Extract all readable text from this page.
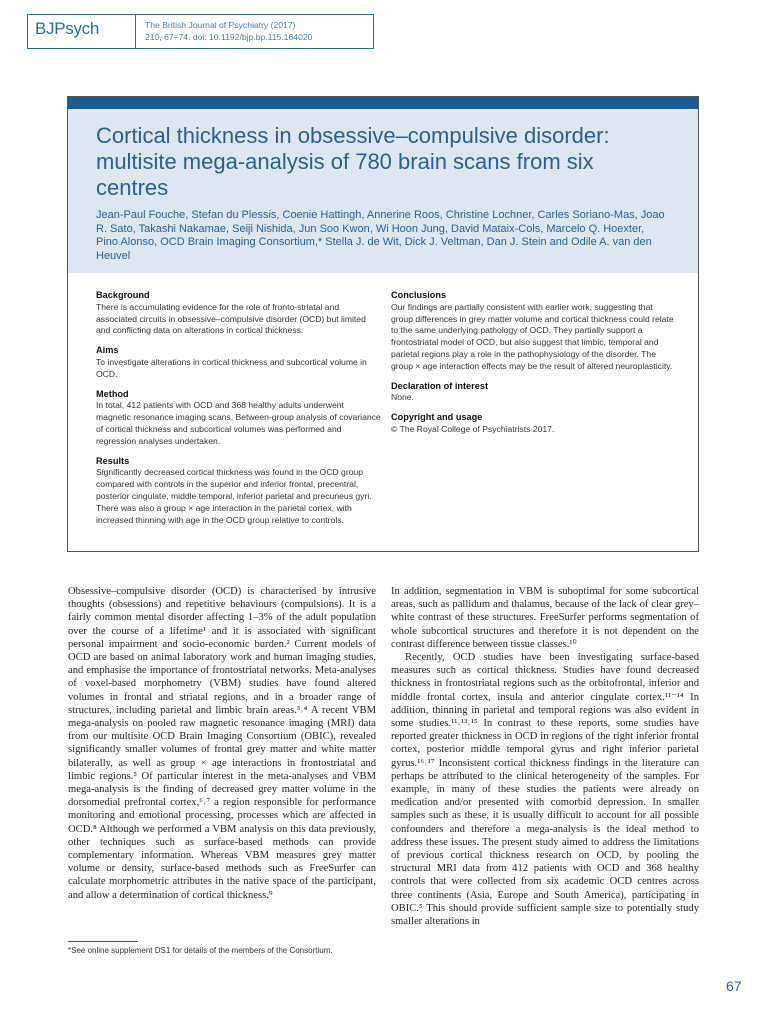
BJPsych	The British Journal of Psychiatry (2017)
210, 67–74. doi: 10.1192/bjp.bp.115.164020
Cortical thickness in obsessive–compulsive disorder: multisite mega-analysis of 780 brain scans from six centres
Jean-Paul Fouche, Stefan du Plessis, Coenie Hattingh, Annerine Roos, Christine Lochner, Carles Soriano-Mas, Joao R. Sato, Takashi Nakamae, Seiji Nishida, Jun Soo Kwon, Wi Hoon Jung, David Mataix-Cols, Marcelo Q. Hoexter, Pino Alonso, OCD Brain Imaging Consortium,* Stella J. de Wit, Dick J. Veltman, Dan J. Stein and Odile A. van den Heuvel
Background
There is accumulating evidence for the role of fronto-striatal and associated circuits in obsessive–compulsive disorder (OCD) but limited and conflicting data on alterations in cortical thickness.
Aims
To investigate alterations in cortical thickness and subcortical volume in OCD.
Method
In total, 412 patients with OCD and 368 healthy adults underwent magnetic resonance imaging scans. Between-group analysis of covariance of cortical thickness and subcortical volumes was performed and regression analyses undertaken.
Results
Significantly decreased cortical thickness was found in the OCD group compared with controls in the superior and inferior frontal, precentral, posterior cingulate, middle temporal, inferior parietal and precuneus gyri. There was also a group × age interaction in the parietal cortex, with increased thinning with age in the OCD group relative to controls.
Conclusions
Our findings are partially consistent with earlier work, suggesting that group differences in grey matter volume and cortical thickness could relate to the same underlying pathology of OCD. They partially support a frontostriatal model of OCD, but also suggest that limbic, temporal and parietal regions play a role in the pathophysiology of the disorder. The group × age interaction effects may be the result of altered neuroplasticity.
Declaration of interest
None.
Copyright and usage
© The Royal College of Psychiatrists 2017.

Obsessive–compulsive disorder (OCD) is characterised by intrusive thoughts (obsessions) and repetitive behaviours (compulsions). It is a fairly common mental disorder affecting 1–3% of the adult population over the course of a lifetime¹ and it is associated with significant personal impairment and socio-economic burden.² Current models of OCD are based on animal laboratory work and human imaging studies, and emphasise the importance of frontostriatal networks. Meta-analyses of voxel-based morphometry (VBM) studies have found altered volumes in frontal and striatal regions, and in a broader range of structures, including parietal and limbic brain areas.³˒⁴ A recent VBM mega-analysis on pooled raw magnetic resonance imaging (MRI) data from our multisite OCD Brain Imaging Consortium (OBIC), revealed significantly smaller volumes of frontal grey matter and white matter bilaterally, as well as group × age interactions in frontostriatal and limbic regions.⁵ Of particular interest in the meta-analyses and VBM mega-analysis is the finding of decreased grey matter volume in the dorsomedial prefrontal cortex,⁶˒⁷ a region responsible for performance monitoring and emotional processing, processes which are affected in OCD.⁸ Although we performed a VBM analysis on this data previously, other techniques such as surface-based methods can provide complementary information. Whereas VBM measures grey matter volume or density, surface-based methods such as FreeSurfer can calculate morphometric attributes in the native space of the participant, and allow a determination of cortical thickness.⁹

In addition, segmentation in VBM is suboptimal for some subcortical areas, such as pallidum and thalamus, because of the lack of clear grey–white contrast of these structures. FreeSurfer performs segmentation of whole subcortical structures and therefore it is not dependent on the contrast difference between tissue classes.¹⁰

Recently, OCD studies have been investigating surface-based measures such as cortical thickness. Studies have found decreased thickness in frontostriatal regions such as the orbitofrontal, inferior and middle frontal cortex, insula and anterior cingulate cortex.¹¹⁻¹⁴ In addition, thinning in parietal and temporal regions was also evident in some studies.¹¹˒¹³˒¹⁵ In contrast to these reports, some studies have reported greater thickness in OCD in regions of the right inferior frontal cortex, posterior middle temporal gyrus and right inferior parietal gyrus.¹⁶˒¹⁷ Inconsistent cortical thickness findings in the literature can perhaps be attributed to the clinical heterogeneity of the samples. For example, in many of these studies the patients were already on medication and/or presented with comorbid depression. In smaller samples such as these, it is usually difficult to account for all possible confounders and therefore a mega-analysis is the ideal method to address these issues. The present study aimed to address the limitations of previous cortical thickness research on OCD, by pooling the structural MRI data from 412 patients with OCD and 368 healthy controls that were collected from six academic OCD centres across three continents (Asia, Europe and South America), participating in OBIC.⁵ This should provide sufficient sample size to potentially study smaller alterations in

*See online supplement DS1 for details of the members of the Consortium.
67
